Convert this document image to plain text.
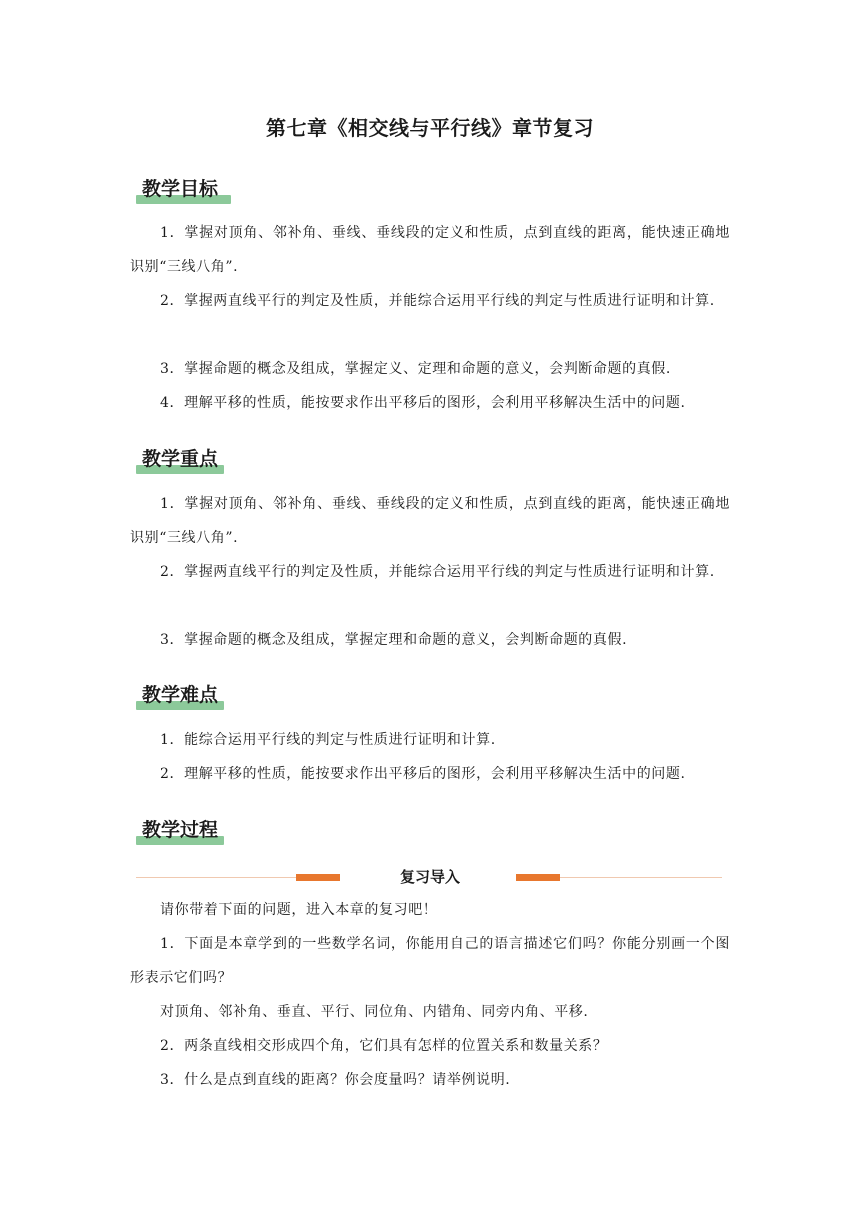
第七章《相交线与平行线》章节复习
教学目标
1．掌握对顶角、邻补角、垂线、垂线段的定义和性质，点到直线的距离，能快速正确地识别“三线八角”.
2．掌握两直线平行的判定及性质，并能综合运用平行线的判定与性质进行证明和计算.
3．掌握命题的概念及组成，掌握定义、定理和命题的意义，会判断命题的真假.
4．理解平移的性质，能按要求作出平移后的图形，会利用平移解决生活中的问题.
教学重点
1．掌握对顶角、邻补角、垂线、垂线段的定义和性质，点到直线的距离，能快速正确地识别“三线八角”.
2．掌握两直线平行的判定及性质，并能综合运用平行线的判定与性质进行证明和计算.
3．掌握命题的概念及组成，掌握定理和命题的意义，会判断命题的真假.
教学难点
1．能综合运用平行线的判定与性质进行证明和计算.
2．理解平移的性质，能按要求作出平移后的图形，会利用平移解决生活中的问题.
教学过程
复习导入
请你带着下面的问题，进入本章的复习吧！
1．下面是本章学到的一些数学名词，你能用自己的语言描述它们吗？你能分别画一个图形表示它们吗？
对顶角、邻补角、垂直、平行、同位角、内错角、同旁内角、平移.
2．两条直线相交形成四个角，它们具有怎样的位置关系和数量关系？
3．什么是点到直线的距离？你会度量吗？请举例说明.
